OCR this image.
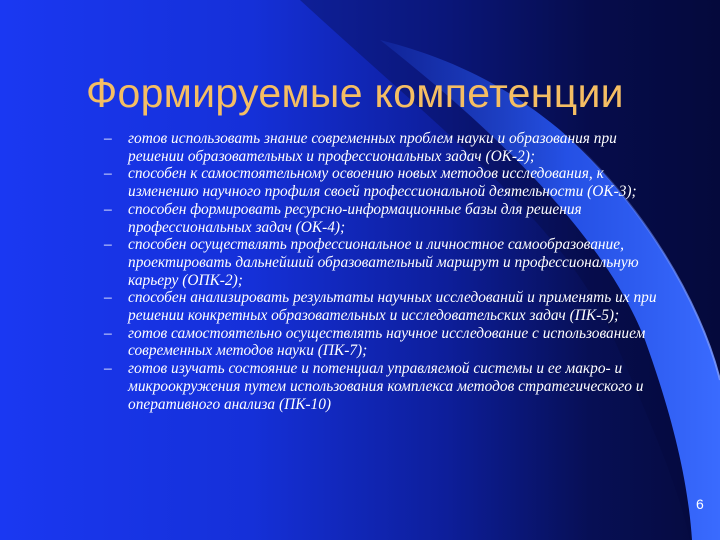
Формируемые компетенции
– готов использовать знание современных проблем науки и образования при решении образовательных и профессиональных задач (ОК-2);
– способен к самостоятельному освоению новых методов исследования, к изменению научного профиля своей профессиональной деятельности (ОК-3);
– способен формировать ресурсно-информационные базы для решения профессиональных задач (ОК-4);
– способен осуществлять профессиональное и личностное самообразование, проектировать дальнейший образовательный маршрут и профессиональную карьеру (ОПК-2);
– способен анализировать результаты научных исследований и применять их при решении конкретных образовательных и исследовательских задач (ПК-5);
– готов самостоятельно осуществлять научное исследование с использованием современных методов науки (ПК-7);
– готов изучать состояние и потенциал управляемой системы и ее макро- и микроокружения путем использования комплекса методов стратегического и оперативного анализа (ПК-10)
6
